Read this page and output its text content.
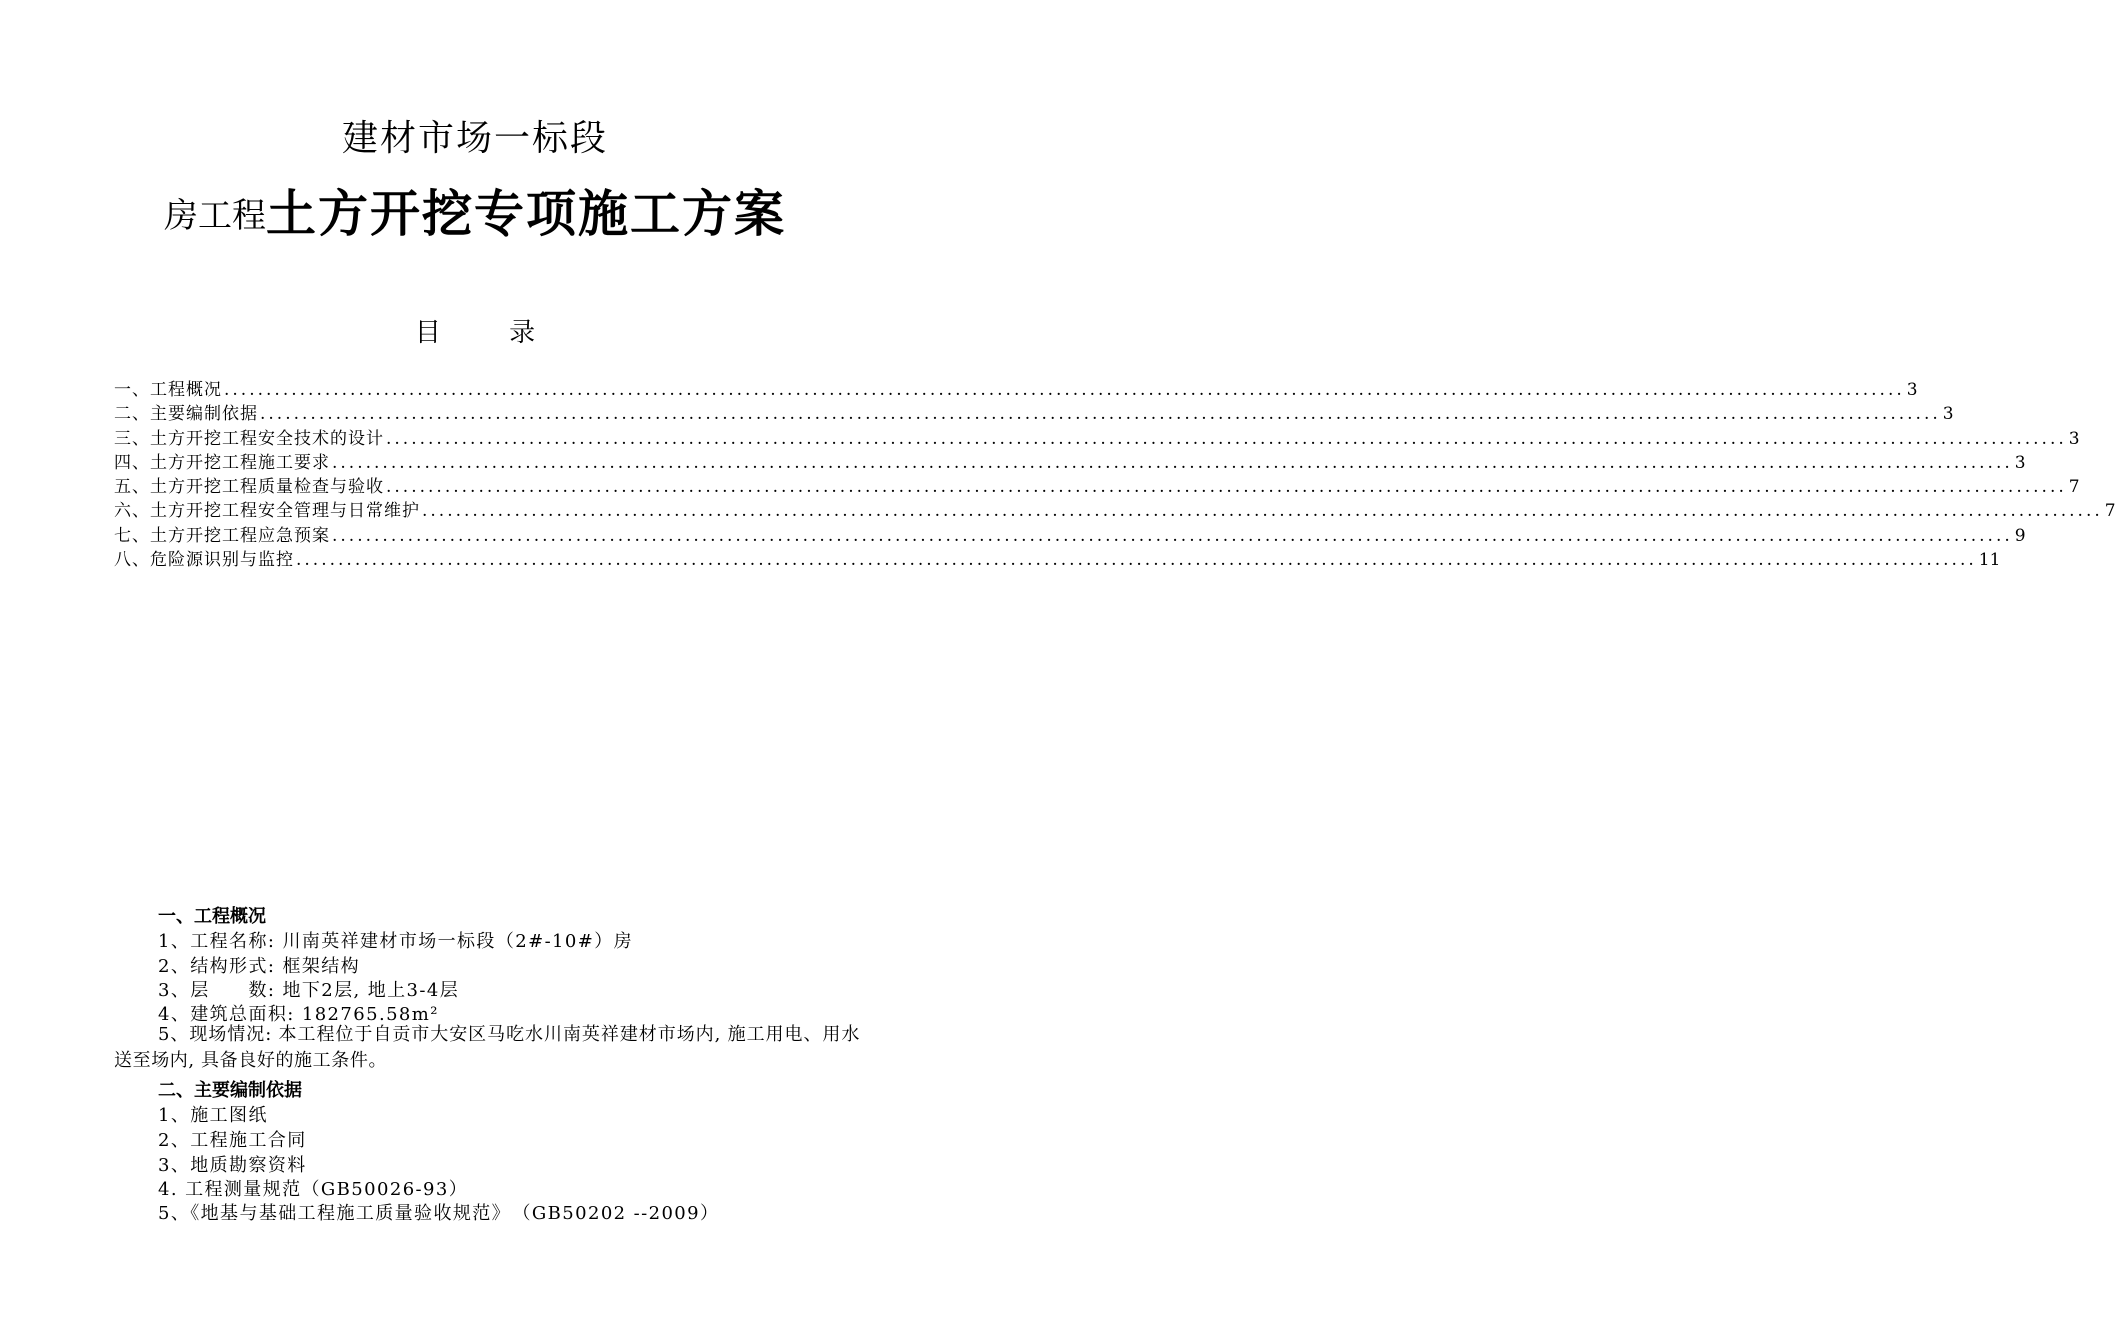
建材市场一标段
房工程土方开挖专项施工方案
目 录
一、工程概况 ........................................................................................................................................................................................................ 3
二、主要编制依据 ........................................................................................................................................................................................................ 3
三、土方开挖工程安全技术的设计 ........................................................................................................................................................................................................ 3
四、土方开挖工程施工要求 ........................................................................................................................................................................................................ 3
五、土方开挖工程质量检查与验收 ........................................................................................................................................................................................................ 7
六、土方开挖工程安全管理与日常维护 ........................................................................................................................................................................................................ 7
七、土方开挖工程应急预案 ........................................................................................................................................................................................................ 9
八、危险源识别与监控 ........................................................................................................................................................................................................ 11
一、工程概况
1、工程名称: 川南英祥建材市场一标段（2#-10#）房
2、结构形式: 框架结构
3、层　　数: 地下2层, 地上3-4层
4、建筑总面积: 182765.58m²
5、现场情况: 本工程位于自贡市大安区马吃水川南英祥建材市场内, 施工用电、用水送至场内, 具备良好的施工条件。
二、主要编制依据
1、施工图纸
2、工程施工合同
3、地质勘察资料
4. 工程测量规范（GB50026-93）
5、《地基与基础工程施工质量验收规范》　（GB50202 --2009）
